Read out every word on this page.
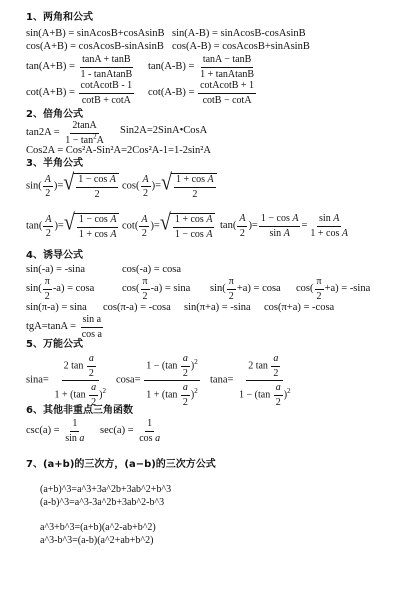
1、两角和公式
sin(A+B) = sinAcosB+cosAsinB sin(A-B) = sinAcosB-cosAsinB
cos(A+B) = cosAcosB-sinAsinB cos(A-B) = cosAcosB+sinAsinB
$\tan(A+B) = \frac{\tan A + \tan B}{\text{1 - tanAtanB}} \tan(A-B) = \frac{\tan A - \tan B}{\text{1 + tanAtanB}}$
$\cot(A+B) = \frac{\text{cotAcotB - 1}}{\cot B + \cot A} \cot(A-B) = \frac{\text{cotAcotB + 1}}{\cot B - \cot A}$
2、倍角公式
$\tan 2A = \frac{2\tan A}{1 - \tan^2A}$ Sin2A=2SinA•CosA
Cos2A = Cos²A-Sin²A=2Cos²A-1=1-2sin²A
3、半角公式
$\sin( \frac{A}{2}$ )= √ $\frac{\text{1 − cos A}}{2} \cos( \frac{A}{2}$ )= √ $\frac{\text{1 + cos A}}{2}$
$\tan( \frac{A}{2}$ )= √ $\frac{\text{1 − cos A}}{\text{1 + cos A}} \cot( \frac{A}{2}$ )= √ $\frac{\text{1 + cos A}}{\text{1 − cos A}} \tan( \frac{A}{2}$ )= $\frac{\text{1 − cos A}}{\text{sin A}} = \frac{\text{sin A}}{\text{1 + cos A}}$
4、诱导公式
sin(-a) = -sina	cos(-a) = cosa
$\sin( \frac{\pi}{2} -a) = \cos a$	$\cos( \frac{\pi}{2} -a) = \sin a$ $\sin( \frac{\pi}{2} +a) = \cos a$ $\cos( \frac{\pi}{2} +a) = -\sin a$
sin(π-a) = sina cos(π-a) = -cosa sin(π+a) = -sina cos(π+a) = -cosa
$tgA=\tan A = \frac{\text{sin a}}{\text{cos a}}$
5、万能公式
$\sin a= \frac{2 \tan \frac{a}{2}}{1 + (\tan \frac{a}{2} )^2} \cos a= \frac{1 - (\tan \frac{a}{2} )^2}{1 + (\tan \frac{a}{2} )^2} \tan a= \frac{2 \tan \frac{a}{2}}{1 - (\tan \frac{a}{2} )^2}$
6、其他非重点三角函数
$\csc(a) = \frac{1}{\text{sin a}} \sec(a) = \frac{1}{\text{cos a}}$
7、(a+b)的三次方，(a−b)的三次方公式
(a+b)^3=a^3+3a^2b+3ab^2+b^3
(a-b)^3=a^3-3a^2b+3ab^2-b^3
a^3+b^3=(a+b)(a^2-ab+b^2)
a^3-b^3=(a-b)(a^2+ab+b^2)
